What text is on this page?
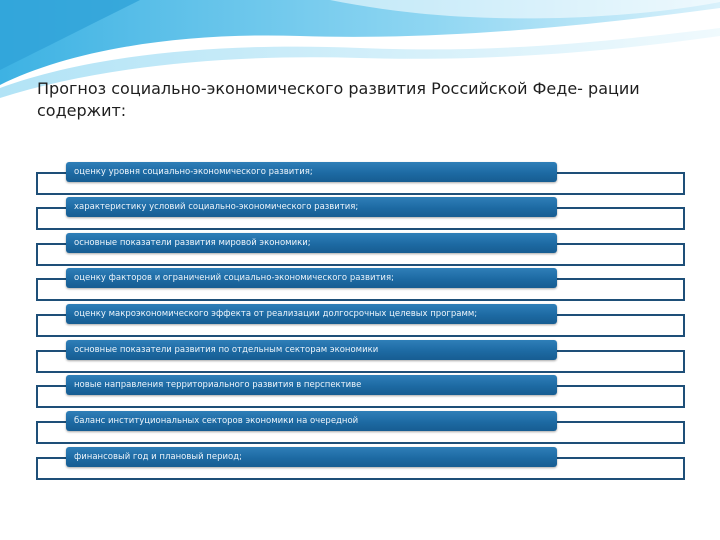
Прогноз социально-экономического развития Российской Феде- рации содержит:
оценку уровня социально-экономического развития;
характеристику условий социально-экономического развития;
основные показатели развития мировой экономики;
оценку факторов и ограничений социально-экономического развития;
оценку макроэкономического эффекта от реализации долгосрочных целевых программ;
основные показатели развития по отдельным секторам экономики
новые направления территориального развития в перспективе
баланс институциональных секторов экономики на очередной
финансовый год и плановый период;
